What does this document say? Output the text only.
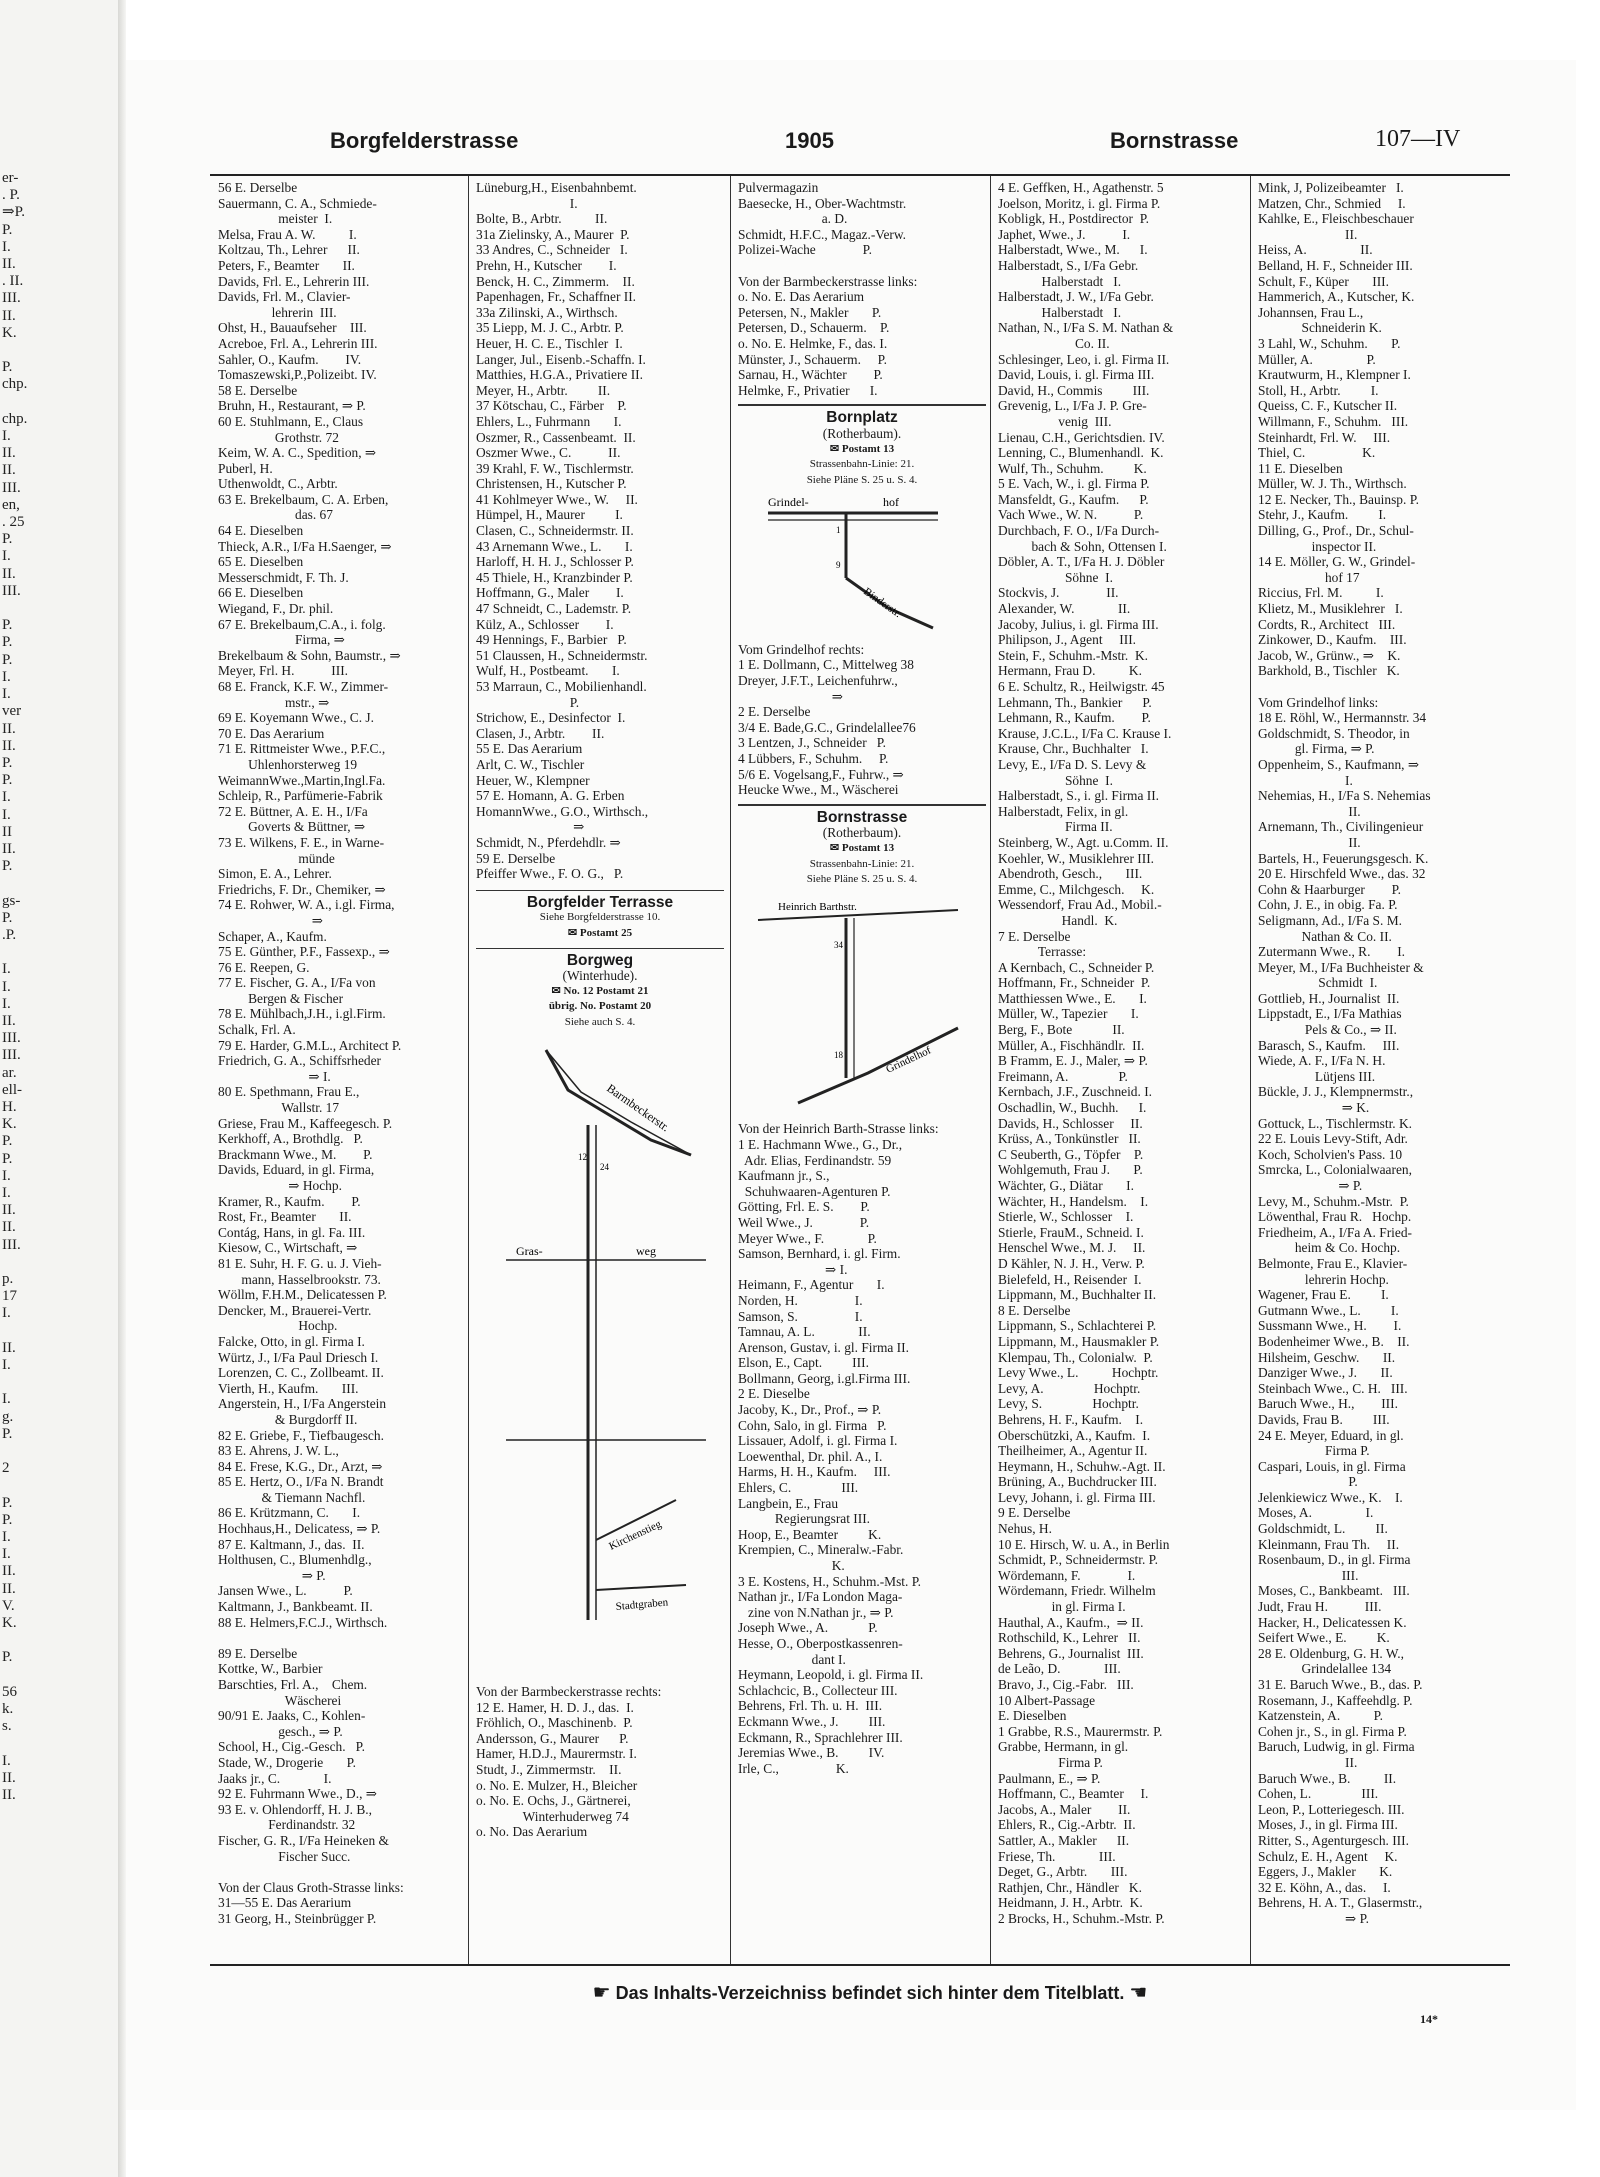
er-
. P.
⇒P.
P.
I.
II.
. II.
III.
II.
K.

P.
chp.

chp.
I.
II.
II.
III.
en,
. 25
P.
I.
II.
III.

P.
P.
P.
I.
I.
ver
II.
II.
P.
P.
I.
I.
II
II.
P.

gs-
P.
.P.

I.
I.
I.
II.
III.
III.
ar.
ell-
H.
K.
P.
P.
I.
I.
II.
II.
III.

p.
17
I.

II.
I.

I.
g.
P.

2

P.
P.
I.
I.
II.
II.
V.
K.

P.

56
k.
s.

I.
II.
II.
Borgfelderstrasse	1905	Bornstrasse	107—IV
56 E. Derselbe
Sauermann, C. A., Schmiede-
meister  I.
Melsa, Frau A. W.          I.
Koltzau, Th., Lehrer      II.
Peters, F., Beamter       II.
Davids, Frl. E., Lehrerin III.
Davids, Frl. M., Clavier-
lehrerin  III.
Ohst, H., Bauaufseher    III.
Acreboe, Frl. A., Lehrerin III.
Sahler, O., Kaufm.        IV.
Tomaszewski,P.,Polizeibt. IV.
58 E. Derselbe
Bruhn, H., Restaurant, ⇒ P.
60 E. Stuhlmann, E., Claus
Grothstr. 72
Keim, W. A. C., Spedition, ⇒
Puberl, H.
Uthenwoldt, C., Arbtr.
63 E. Brekelbaum, C. A. Erben,
das. 67
64 E. Dieselben
Thieck, A.R., I/Fa H.Saenger, ⇒
65 E. Dieselben
Messerschmidt, F. Th. J.
66 E. Dieselben
Wiegand, F., Dr. phil.
67 E. Brekelbaum,C.A., i. folg.
Firma, ⇒
Brekelbaum & Sohn, Baumstr., ⇒
Meyer, Frl. H.           III.
68 E. Franck, K.F. W., Zimmer-
mstr., ⇒
69 E. Koyemann Wwe., C. J.
70 E. Das Aerarium
71 E. Rittmeister Wwe., P.F.C.,
Uhlenhorsterweg 19
WeimannWwe.,Martin,Ingl.Fa.
Schleip, R., Parfümerie-Fabrik
72 E. Büttner, A. E. H., I/Fa
Goverts & Büttner, ⇒
73 E. Wilkens, F. E., in Warne-
münde
Simon, E. A., Lehrer.
Friedrichs, F. Dr., Chemiker, ⇒
74 E. Rohwer, W. A., i.gl. Firma,
⇒
Schaper, A., Kaufm.
75 E. Günther, P.F., Fassexp., ⇒
76 E. Reepen, G.
77 E. Fischer, G. A., I/Fa von
Bergen & Fischer
78 E. Mühlbach,J.H., i.gl.Firm.
Schalk, Frl. A.
79 E. Harder, G.M.L., Architect P.
Friedrich, G. A., Schiffsrheder
⇒ I.
80 E. Spethmann, Frau E.,
Wallstr. 17
Griese, Frau M., Kaffeegesch. P.
Kerkhoff, A., Brothdlg.   P.
Brackmann Wwe., M.        P.
Davids, Eduard, in gl. Firma,
⇒ Hochp.
Kramer, R., Kaufm.        P.
Rost, Fr., Beamter       II.
Contág, Hans, in gl. Fa. III.
Kiesow, C., Wirtschaft, ⇒
81 E. Suhr, H. F. G. u. J. Vieh-
mann, Hasselbrookstr. 73.
Wöllm, F.H.M., Delicatessen P.
Dencker, M., Brauerei-Vertr.
Hochp.
Falcke, Otto, in gl. Firma I.
Würtz, J., I/Fa Paul Driesch I.
Lorenzen, C. C., Zollbeamt. II.
Vierth, H., Kaufm.       III.
Angerstein, H., I/Fa Angerstein
& Burgdorff II.
82 E. Griebe, F., Tiefbaugesch.
83 E. Ahrens, J. W. L.,
84 E. Frese, K.G., Dr., Arzt, ⇒
85 E. Hertz, O., I/Fa N. Brandt
& Tiemann Nachfl.
86 E. Krützmann, C.       I.
Hochhaus,H., Delicatess, ⇒ P.
87 E. Kaltmann, J., das.  II.
Holthusen, C., Blumenhdlg.,
⇒ P.
Jansen Wwe., L.           P.
Kaltmann, J., Bankbeamt. II.
88 E. Helmers,F.C.J., Wirthsch.

89 E. Derselbe
Kottke, W., Barbier
Barschties, Frl. A.,    Chem.
Wäscherei
90/91 E. Jaaks, C., Kohlen-
gesch., ⇒ P.
School, H., Cig.-Gesch.   P.
Stade, W., Drogerie       P.
Jaaks jr., C.             I.
92 E. Fuhrmann Wwe., D., ⇒
93 E. v. Ohlendorff, H. J. B.,
Ferdinandstr. 32
Fischer, G. R., I/Fa Heineken &
Fischer Succ.

Von der Claus Groth-Strasse links:
31—55 E. Das Aerarium
31 Georg, H., Steinbrügger P.
Lüneburg,H., Eisenbahnbemt.
I.
Bolte, B., Arbtr.          II.
31a Zielinsky, A., Maurer  P.
33 Andres, C., Schneider   I.
Prehn, H., Kutscher        I.
Benck, H. C., Zimmerm.    II.
Papenhagen, Fr., Schaffner II.
33a Zilinski, A., Wirthsch.
35 Liepp, M. J. C., Arbtr. P.
Heuer, H. C. E., Tischler  I.
Langer, Jul., Eisenb.-Schaffn. I.
Matthies, H.G.A., Privatiere II.
Meyer, H., Arbtr.         II.
37 Kötschau, C., Färber    P.
Ehlers, L., Fuhrmann       I.
Oszmer, R., Cassenbeamt.  II.
Oszmer Wwe., C.           II.
39 Krahl, F. W., Tischlermstr.
Christensen, H., Kutscher P.
41 Kohlmeyer Wwe., W.     II.
Hümpel, H., Maurer         I.
Clasen, C., Schneidermstr. II.
43 Arnemann Wwe., L.       I.
Harloff, H. H. J., Schlosser P.
45 Thiele, H., Kranzbinder P.
Hoffmann, G., Maler        I.
47 Schneidt, C., Lademstr. P.
Külz, A., Schlosser        I.
49 Hennings, F., Barbier   P.
51 Claussen, H., Schneidermstr.
Wulf, H., Postbeamt.       I.
53 Marraun, C., Mobilienhandl.
P.
Strichow, E., Desinfector  I.
Clasen, J., Arbtr.        II.
55 E. Das Aerarium
Arlt, C. W., Tischler
Heuer, W., Klempner
57 E. Homann, A. G. Erben
HomannWwe., G.O., Wirthsch.,
⇒
Schmidt, N., Pferdehdlr. ⇒
59 E. Derselbe
Pfeiffer Wwe., F. O. G.,   P.
Borgfelder Terrasse
Siehe Borgfelderstrasse 10.
✉ Postamt 25
Borgweg
(Winterhude).
✉ No. 12 Postamt 21
übrig. No. Postamt 20
Siehe auch S. 4.
Barmbeckerstr.
Gras-	weg
Kirchenstieg
Stadtgraben
12
24
Von der Barmbeckerstrasse rechts:
12 E. Hamer, H. D. J., das.  I.
Fröhlich, O., Maschinenb.  P.
Andersson, G., Maurer      P.
Hamer, H.D.J., Maurermstr. I.
Studt, J., Zimmermstr.    II.
o. No. E. Mulzer, H., Bleicher
o. No. E. Ochs, J., Gärtnerei,
Winterhuderweg 74
o. No. Das Aerarium
Pulvermagazin
Baesecke, H., Ober-Wachtmstr.
a. D.
Schmidt, H.F.C., Magaz.-Verw.
Polizei-Wache              P.

Von der Barmbeckerstrasse links:
o. No. E. Das Aerarium
Petersen, N., Makler       P.
Petersen, D., Schauerm.    P.
o. No. E. Helmke, F., das. I.
Münster, J., Schauerm.     P.
Sarnau, H., Wächter        P.
Helmke, F., Privatier      I.
Bornplatz
(Rotherbaum).
✉ Postamt 13
Strassenbahn-Linie: 21.
Siehe Pläne S. 25 u. S. 4.
Grindel-	hof
Binderstr.
1
9
Vom Grindelhof rechts:
1 E. Dollmann, C., Mittelweg 38
Dreyer, J.F.T., Leichenfuhrw.,
⇒
2 E. Derselbe
3/4 E. Bade,G.C., Grindelallee76
3 Lentzen, J., Schneider   P.
4 Lübbers, F., Schuhm.     P.
5/6 E. Vogelsang,F., Fuhrw., ⇒
Heucke Wwe., M., Wäscherei
Bornstrasse
(Rotherbaum).
✉ Postamt 13
Strassenbahn-Linie: 21.
Siehe Pläne S. 25 u. S. 4.
Heinrich Barthstr.
Grindelhof
34
18
Von der Heinrich Barth-Strasse links:
1 E. Hachmann Wwe., G., Dr.,
Adr. Elias, Ferdinandstr. 59
Kaufmann jr., S.,
Schuhwaaren-Agenturen P.
Götting, Frl. E. S.        P.
Weil Wwe., J.              P.
Meyer Wwe., F.             P.
Samson, Bernhard, i. gl. Firm.
⇒ I.
Heimann, F., Agentur       I.
Norden, H.                 I.
Samson, S.                 I.
Tamnau, A. L.             II.
Arenson, Gustav, i. gl. Firma II.
Elson, E., Capt.         III.
Bollmann, Georg, i.gl.Firma III.
2 E. Dieselbe
Jacoby, K., Dr., Prof., ⇒ P.
Cohn, Salo, in gl. Firma   P.
Lissauer, Adolf, i. gl. Firma I.
Loewenthal, Dr. phil. A., I.
Harms, H. H., Kaufm.     III.
Ehlers, C.               III.
Langbein, E., Frau
Regierungsrat III.
Hoop, E., Beamter         K.
Krempien, C., Mineralw.-Fabr.
K.
3 E. Kostens, H., Schuhm.-Mst. P.
Nathan jr., I/Fa London Maga-
zine von N.Nathan jr., ⇒ P.
Joseph Wwe., A.            P.
Hesse, O., Oberpostkassenren-
dant I.
Heymann, Leopold, i. gl. Firma II.
Schlachcic, B., Collecteur III.
Behrens, Frl. Th. u. H.  III.
Eckmann Wwe., J.         III.
Eckmann, R., Sprachlehrer III.
Jeremias Wwe., B.         IV.
Irle, C.,                 K.
4 E. Geffken, H., Agathenstr. 5
Joelson, Moritz, i. gl. Firma P.
Kobligk, H., Postdirector  P.
Japhet, Wwe., J.           I.
Halberstadt, Wwe., M.      I.
Halberstadt, S., I/Fa Gebr.
Halberstadt   I.
Halberstadt, J. W., I/Fa Gebr.
Halberstadt   I.
Nathan, N., I/Fa S. M. Nathan &
Co. II.
Schlesinger, Leo, i. gl. Firma II.
David, Louis, i. gl. Firma III.
David, H., Commis         III.
Grevenig, L., I/Fa J. P. Gre-
venig  III.
Lienau, C.H., Gerichtsdien. IV.
Lenning, C., Blumenhandl.  K.
Wulf, Th., Schuhm.         K.
5 E. Vach, W., i. gl. Firma P.
Mansfeldt, G., Kaufm.      P.
Vach Wwe., W. N.           P.
Durchbach, F. O., I/Fa Durch-
bach & Sohn, Ottensen I.
Döbler, A. T., I/Fa H. J. Döbler
Söhne  I.
Stockvis, J.              II.
Alexander, W.             II.
Jacoby, Julius, i. gl. Firma III.
Philipson, J., Agent     III.
Stein, F., Schuhm.-Mstr.  K.
Hermann, Frau D.          K.
6 E. Schultz, R., Heilwigstr. 45
Lehmann, Th., Bankier      P.
Lehmann, R., Kaufm.        P.
Krause, J.C.L., I/Fa C. Krause I.
Krause, Chr., Buchhalter   I.
Levy, E., I/Fa D. S. Levy &
Söhne  I.
Halberstadt, S., i. gl. Firma II.
Halberstadt, Felix, in gl.
Firma II.
Steinberg, W., Agt. u.Comm. II.
Koehler, W., Musiklehrer III.
Abendroth, Gesch.,       III.
Emme, C., Milchgesch.     K.
Wessendorf, Frau Ad., Mobil.-
Handl.  K.
7 E. Derselbe
Terrasse:
A Kernbach, C., Schneider P.
Hoffmann, Fr., Schneider  P.
Matthiessen Wwe., E.       I.
Müller, W., Tapezier       I.
Berg, F., Bote            II.
Müller, A., Fischhändlr.  II.
B Framm, E. J., Maler, ⇒ P.
Freimann, A.               P.
Kernbach, J.F., Zuschneid. I.
Oschadlin, W., Buchh.      I.
Davids, H., Schlosser     II.
Krüss, A., Tonkünstler   II.
C Seuberth, G., Töpfer    P.
Wohlgemuth, Frau J.       P.
Wächter, G., Diätar       I.
Wächter, H., Handelsm.    I.
Stierle, W., Schlosser    I.
Stierle, FrauM., Schneid. I.
Henschel Wwe., M. J.     II.
D Kähler, N. J. H., Verw. P.
Bielefeld, H., Reisender  I.
Lippmann, M., Buchhalter II.
8 E. Derselbe
Lippmann, S., Schlachterei P.
Lippmann, M., Hausmakler P.
Klempau, Th., Colonialw.  P.
Levy Wwe., L.          Hochptr.
Levy, A.               Hochptr.
Levy, S.               Hochptr.
Behrens, H. F., Kaufm.    I.
Oberschützki, A., Kaufm.  I.
Theilheimer, A., Agentur II.
Heymann, H., Schuhw.-Agt. II.
Brüning, A., Buchdrucker III.
Levy, Johann, i. gl. Firma III.
9 E. Derselbe
Nehus, H.
10 E. Hirsch, W. u. A., in Berlin
Schmidt, P., Schneidermstr. P.
Wördemann, F.              I.
Wördemann, Friedr. Wilhelm
in gl. Firma I.
Hauthal, A., Kaufm.,  ⇒ II.
Rothschild, K., Lehrer   II.
Behrens, G., Journalist  III.
de Leão, D.             III.
Bravo, J., Cig.-Fabr.   III.
10 Albert-Passage
E. Dieselben
1 Grabbe, R.S., Maurermstr. P.
Grabbe, Hermann, in gl.
Firma P.
Paulmann, E., ⇒ P.
Hoffmann, C., Beamter     I.
Jacobs, A., Maler        II.
Ehlers, R., Cig.-Arbtr.  II.
Sattler, A., Makler      II.
Friese, Th.             III.
Deget, G., Arbtr.       III.
Rathjen, Chr., Händler   K.
Heidmann, J. H., Arbtr.  K.
2 Brocks, H., Schuhm.-Mstr. P.
Mink, J, Polizeibeamter   I.
Matzen, Chr., Schmied     I.
Kahlke, E., Fleischbeschauer
II.
Heiss, A.                II.
Belland, H. F., Schneider III.
Schult, F., Küper       III.
Hammerich, A., Kutscher, K.
Johannsen, Frau L.,
Schneiderin K.
3 Lahl, W., Schuhm.       P.
Müller, A.                P.
Krautwurm, H., Klempner I.
Stoll, H., Arbtr.         I.
Queiss, C. F., Kutscher II.
Willmann, F., Schuhm.   III.
Steinhardt, Frl. W.     III.
Thiel, C.                 K.
11 E. Dieselben
Müller, W. J. Th., Wirthsch.
12 E. Necker, Th., Bauinsp. P.
Stehr, J., Kaufm.         I.
Dilling, G., Prof., Dr., Schul-
inspector II.
14 E. Möller, G. W., Grindel-
hof 17
Riccius, Frl. M.          I.
Klietz, M., Musiklehrer   I.
Cordts, R., Architect   III.
Zinkower, D., Kaufm.    III.
Jacob, W., Grünw., ⇒    K.
Barkhold, B., Tischler   K.

Vom Grindelhof links:
18 E. Röhl, W., Hermannstr. 34
Goldschmidt, S. Theodor, in
gl. Firma, ⇒ P.
Oppenheim, S., Kaufmann, ⇒
I.
Nehemias, H., I/Fa S. Nehemias
II.
Arnemann, Th., Civilingenieur
II.
Bartels, H., Feuerungsgesch. K.
20 E. Hirschfeld Wwe., das. 32
Cohn & Haarburger        P.
Cohn, J. E., in obig. Fa. P.
Seligmann, Ad., I/Fa S. M.
Nathan & Co. II.
Zutermann Wwe., R.        I.
Meyer, M., I/Fa Buchheister &
Schmidt  I.
Gottlieb, H., Journalist  II.
Lippstadt, E., I/Fa Mathias
Pels & Co., ⇒ II.
Barasch, S., Kaufm.     III.
Wiede, A. F., I/Fa N. H.
Lütjens III.
Bückle, J. J., Klempnermstr.,
⇒ K.
Gottuck, L., Tischlermstr. K.
22 E. Louis Levy-Stift, Adr.
Koch, Scholvien's Pass. 10
Smrcka, L., Colonialwaaren,
⇒ P.
Levy, M., Schuhm.-Mstr.  P.
Löwenthal, Frau R.   Hochp.
Friedheim, A., I/Fa A. Fried-
heim & Co. Hochp.
Belmonte, Frau E., Klavier-
lehrerin Hochp.
Wagener, Frau E.         I.
Gutmann Wwe., L.         I.
Sussmann Wwe., H.        I.
Bodenheimer Wwe., B.    II.
Hilsheim, Geschw.       II.
Danziger Wwe., J.       II.
Steinbach Wwe., C. H.   III.
Baruch Wwe., H.,        III.
Davids, Frau B.         III.
24 E. Meyer, Eduard, in gl.
Firma P.
Caspari, Louis, in gl. Firma
P.
Jelenkiewicz Wwe., K.    I.
Moses, A.                I.
Goldschmidt, L.         II.
Kleinmann, Frau Th.     II.
Rosenbaum, D., in gl. Firma
III.
Moses, C., Bankbeamt.   III.
Judt, Frau H.           III.
Hacker, H., Delicatessen K.
Seifert Wwe., E.         K.
28 E. Oldenburg, G. H. W.,
Grindelallee 134
31 E. Baruch Wwe., B., das. P.
Rosemann, J., Kaffeehdlg. P.
Katzenstein, A.          P.
Cohen jr., S., in gl. Firma P.
Baruch, Ludwig, in gl. Firma
II.
Baruch Wwe., B.          II.
Cohen, L.               III.
Leon, P., Lotteriegesch. III.
Moses, J., in gl. Firma III.
Ritter, S., Agenturgesch. III.
Schulz, E. H., Agent     K.
Eggers, J., Makler       K.
32 E. Köhn, A., das.     I.
Behrens, H. A. T., Glasermstr.,
⇒ P.
☛ Das Inhalts-Verzeichniss befindet sich hinter dem Titelblatt. ☚
14*
